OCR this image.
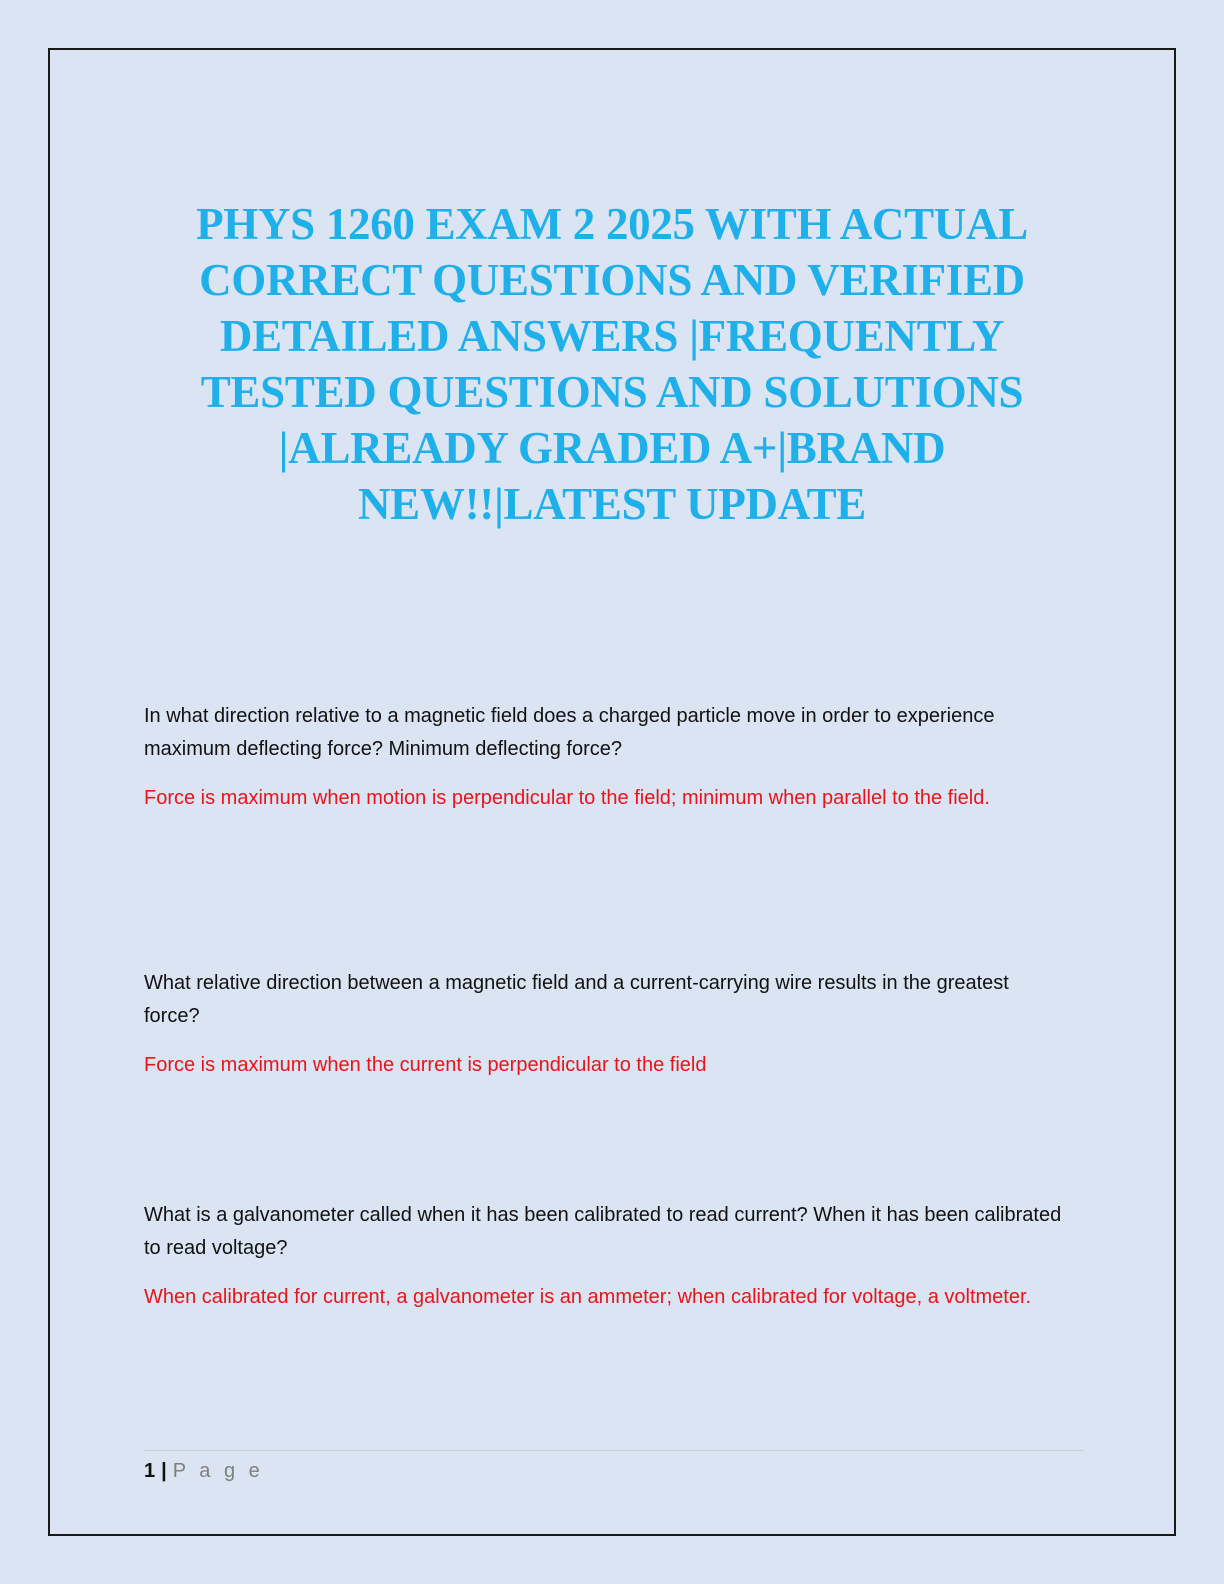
PHYS 1260 EXAM 2 2025 WITH ACTUAL CORRECT QUESTIONS AND VERIFIED DETAILED ANSWERS |FREQUENTLY TESTED QUESTIONS AND SOLUTIONS |ALREADY GRADED A+|BRAND NEW!!|LATEST UPDATE

In what direction relative to a magnetic field does a charged particle move in order to experience maximum deflecting force? Minimum deflecting force?

Force is maximum when motion is perpendicular to the field; minimum when parallel to the field.

What relative direction between a magnetic field and a current-carrying wire results in the greatest force?

Force is maximum when the current is perpendicular to the field

What is a galvanometer called when it has been calibrated to read current? When it has been calibrated to read voltage?

When calibrated for current, a galvanometer is an ammeter; when calibrated for voltage, a voltmeter.

1 | P a g e
